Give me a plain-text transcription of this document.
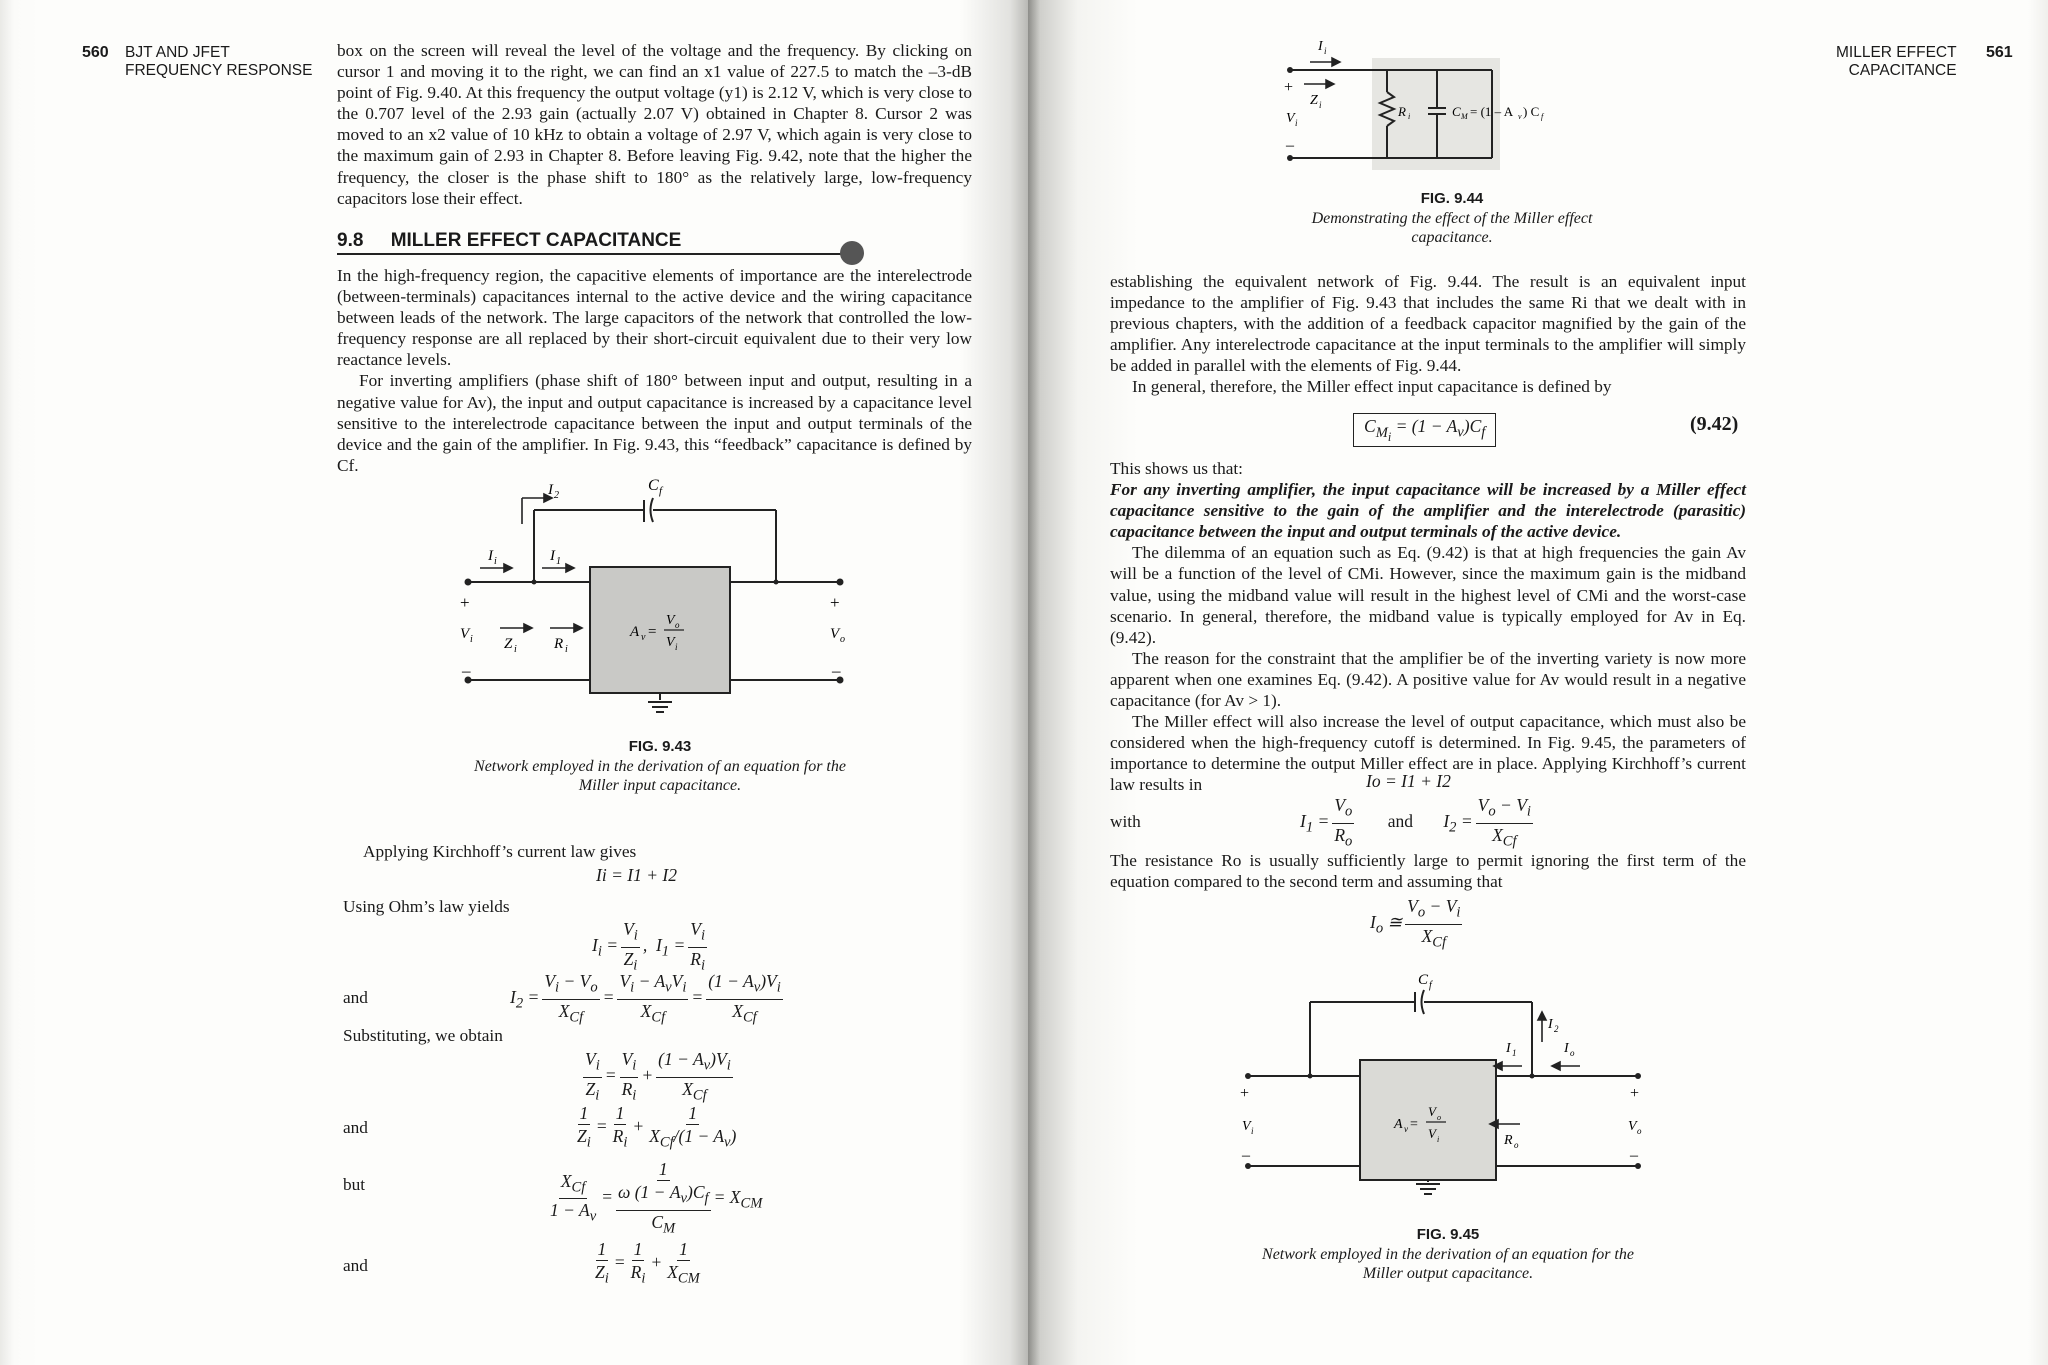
560 BJT AND JFET
FREQUENCY RESPONSE
box on the screen will reveal the level of the voltage and the frequency. By clicking on cursor 1 and moving it to the right, we can find an x1 value of 227.5 to match the –3-dB point of Fig. 9.40. At this frequency the output voltage (y1) is 2.12 V, which is very close to the 0.707 level of the 2.93 gain (actually 2.07 V) obtained in Chapter 8. Cursor 2 was moved to an x2 value of 10 kHz to obtain a voltage of 2.97 V, which again is very close to the maximum gain of 2.93 in Chapter 8. Before leaving Fig. 9.42, note that the higher the frequency, the closer is the phase shift to 180° as the relatively large, low-frequency capacitors lose their effect.
9.8 MILLER EFFECT CAPACITANCE

In the high-frequency region, the capacitive elements of importance are the interelectrode (between-terminals) capacitances internal to the active device and the wiring capacitance between leads of the network. The large capacitors of the network that controlled the low-frequency response are all replaced by their short-circuit equivalent due to their very low reactance levels.

For inverting amplifiers (phase shift of 180° between input and output, resulting in a negative value for Av), the input and output capacitance is increased by a capacitance level sensitive to the interelectrode capacitance between the input and output terminals of the device and the gain of the amplifier. In Fig. 9.43, this “feedback” capacitance is defined by Cf.

C f
I 2
I i	I 1
+
V i Z i R i
–
+
V o
–
A v =
V o
V i
FIG. 9.43
Network employed in the derivation of an equation for the Miller input capacitance.
Applying Kirchhoff’s current law gives
Ii = I1 + I2
Using Ohm’s law yields
$I_i = \frac{V_i}{Z_i}$ ,  $I_1 = \frac{V_i}{R_i}$
and	$I_2 = \frac{V_i - V_o}{X_{Cf}} = \frac{V_i - A_vV_i}{X_{Cf}} = \frac{(1 - A_v)V_i}{X_{Cf}}$
Substituting, we obtain
$\frac{V_i}{Z_i} = \frac{V_i}{R_i} + \frac{(1 - A_v)V_i}{X_{Cf}}$
and	$\frac{1}{Z_i} = \frac{1}{R_i} + \frac{1}{X_{Cf}/(1 - A_v)}$
but	$\frac{X_{Cf}}{1 - A_v}$ =
1
ω $(1 - A_v)C_f$
$C_M$
= $X_{CM}$
and	$\frac{1}{Z_i} = \frac{1}{R_i} + \frac{1}{X_{CM}}$
MILLER EFFECT
CAPACITANCE
561
I i
+
Z i
V i
–
R i	C M = (1 – A v ) C f
FIG. 9.44
Demonstrating the effect of the Miller effect capacitance.

establishing the equivalent network of Fig. 9.44. The result is an equivalent input impedance to the amplifier of Fig. 9.43 that includes the same Ri that we dealt with in previous chapters, with the addition of a feedback capacitor magnified by the gain of the amplifier. Any interelectrode capacitance at the input terminals to the amplifier will simply be added in parallel with the elements of Fig. 9.44.

In general, therefore, the Miller effect input capacitance is defined by

$C_{M_i} = (1 - A_v)C_f$	(9.42)

This shows us that:

For any inverting amplifier, the input capacitance will be increased by a Miller effect capacitance sensitive to the gain of the amplifier and the interelectrode (parasitic) capacitance between the input and output terminals of the active device.

The dilemma of an equation such as Eq. (9.42) is that at high frequencies the gain Av will be a function of the level of CMi. However, since the maximum gain is the midband value, using the midband value will result in the highest level of CMi and the worst-case scenario. In general, therefore, the midband value is typically employed for Av in Eq. (9.42).

The reason for the constraint that the amplifier be of the inverting variety is now more apparent when one examines Eq. (9.42). A positive value for Av would result in a negative capacitance (for Av > 1).

The Miller effect will also increase the level of output capacitance, which must also be considered when the high-frequency cutoff is determined. In Fig. 9.45, the parameters of importance to determine the output Miller effect are in place. Applying Kirchhoff’s current law results in	Io = I1 + I2
with	$I_1 = \frac{V_o}{R_o}$ and $I_2 = \frac{V_o - V_i}{X_{Cf}}$
The resistance Ro is usually sufficiently large to permit ignoring the first term of the equation compared to the second term and assuming that
$I_o$ ≅ $\frac{V_o - V_i}{X_{Cf}}$
C f
I 2
I o
I 1
+
V i
–
+
V o
–
R o
A v =
V o
V i
FIG. 9.45
Network employed in the derivation of an equation for the Miller output capacitance.
